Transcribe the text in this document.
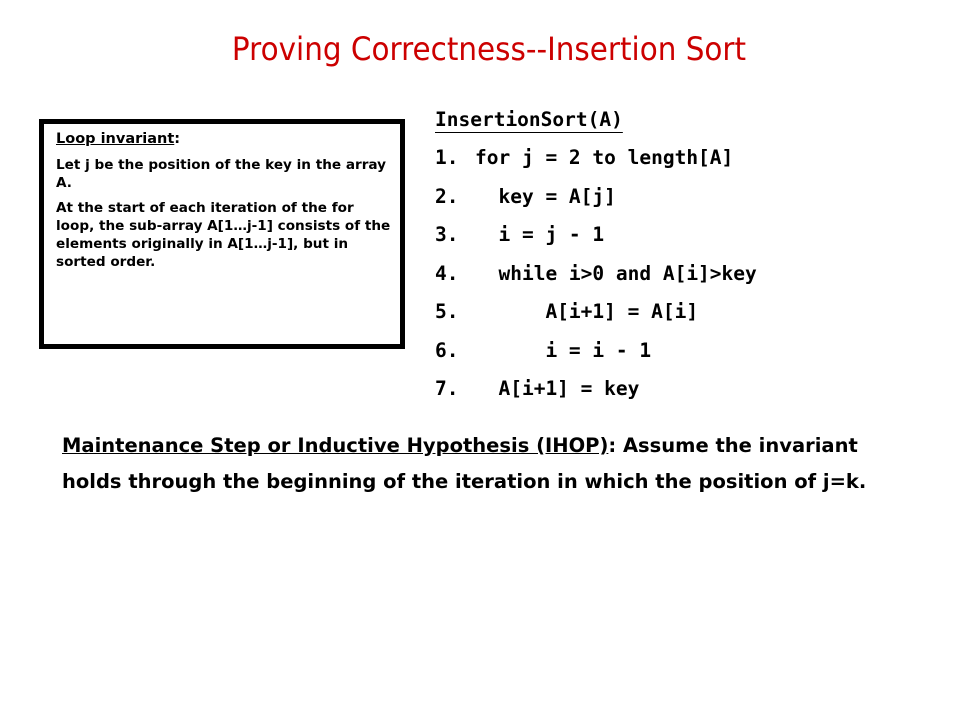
Proving Correctness--Insertion Sort
Loop invariant:

Let j be the position of the key in the array A.

At the start of each iteration of the for loop, the sub-array A[1…j-1] consists of the elements originally in A[1…j-1], but in sorted order.

InsertionSort(A)
1. for j = 2 to length[A]
2. key = A[j]
3. i = j - 1
4. while i>0 and A[i]>key
5. A[i+1] = A[i]
6. i = i - 1
7. A[i+1] = key
Maintenance Step or Inductive Hypothesis (IHOP): Assume the invariant holds through the beginning of the iteration in which the position of j=k.
